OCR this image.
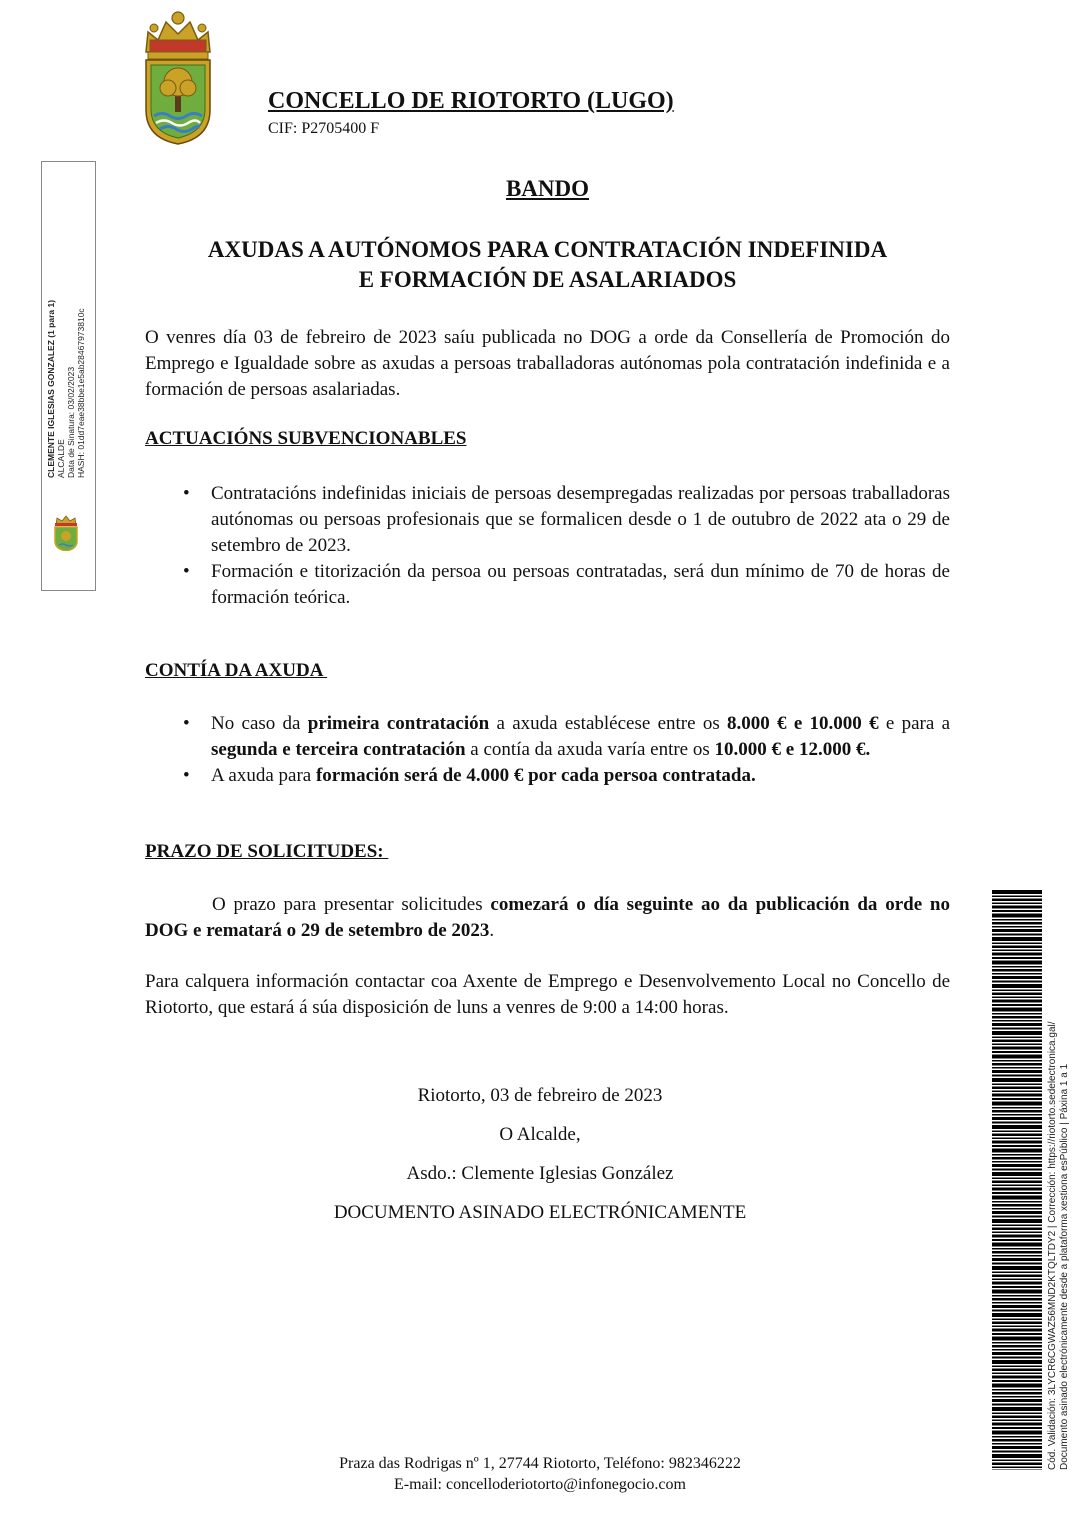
CONCELLO DE RIOTORTO (LUGO)
CIF: P2705400 F
CLEMENTE IGLESIAS GONZALEZ (1 para 1) ALCALDE Data de Sinatura: 03/02/2023 HASH: 01dd7eae38bbe1e5ab28467973810c
BANDO
AXUDAS A AUTÓNOMOS PARA CONTRATACIÓN INDEFINIDA
E FORMACIÓN DE ASALARIADOS
O venres día 03 de febreiro de 2023 saíu publicada no DOG a orde da Consellería de Promoción do Emprego e Igualdade sobre as axudas a persoas traballadoras autónomas pola contratación indefinida e a formación de persoas asalariadas.
ACTUACIÓNS SUBVENCIONABLES
• Contratacións indefinidas iniciais de persoas desempregadas realizadas por persoas traballadoras autónomas ou persoas profesionais que se formalicen desde o 1 de outubro de 2022 ata o 29 de setembro de 2023.
• Formación e titorización da persoa ou persoas contratadas, será dun mínimo de 70 de horas de formación teórica.
CONTÍA DA AXUDA
• No caso da primeira contratación a axuda establécese entre os 8.000 € e 10.000 € e para a segunda e terceira contratación a contía da axuda varía entre os 10.000 € e 12.000 €.
• A axuda para formación será de 4.000 € por cada persoa contratada.
PRAZO DE SOLICITUDES:
O prazo para presentar solicitudes comezará o día seguinte ao da publicación da orde no DOG e rematará o 29 de setembro de 2023.
Para calquera información contactar coa Axente de Emprego e Desenvolvemento Local no Concello de Riotorto, que estará á súa disposición de luns a venres de 9:00 a 14:00 horas.
Riotorto, 03 de febreiro de 2023
O Alcalde,
Asdo.: Clemente Iglesias González
DOCUMENTO ASINADO ELECTRÓNICAMENTE
Praza das Rodrigas nº 1, 27744 Riotorto, Teléfono: 982346222
E-mail: concelloderiotorto@infonegocio.com
Cód. Validación: 3LYCR6CGWAZ56MND2KTQLTDY2 | Corrección: https://riotorto.sedelectronica.gal/ Documento asinado electrónicamente desde a plataforma xestiona esPúblico | Páxina 1 a 1
